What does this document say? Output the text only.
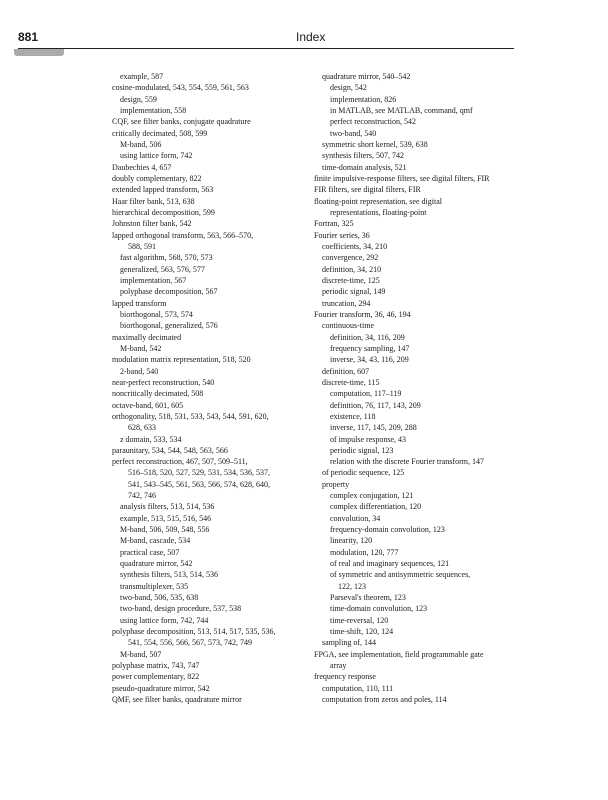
881	Index
example, 587
cosine-modulated, 543, 554, 559, 561, 563
design, 559
implementation, 558
CQF, see filter banks, conjugate quadrature
critically decimated, 508, 599
M-band, 506
using lattice form, 742
Daubechies 4, 657
doubly complementary, 822
extended lapped transform, 563
Haar filter bank, 513, 638
hierarchical decomposition, 599
Johnston filter bank, 542
lapped orthogonal transform, 563, 566–570,
588, 591
fast algorithm, 568, 570, 573
generalized, 563, 576, 577
implementation, 567
polyphase decomposition, 567
lapped transform
biorthogonal, 573, 574
biorthogonal, generalized, 576
maximally decimated
M-band, 542
modulation matrix representation, 518, 520
2-band, 540
near-perfect reconstruction, 540
noncritically decimated, 508
octave-band, 601, 605
orthogonality, 518, 531, 533, 543, 544, 591, 620,
628, 633
z domain, 533, 534
paraunitary, 534, 544, 548, 563, 566
perfect reconstruction, 467, 507, 509–511,
516–518, 520, 527, 529, 531, 534, 536, 537,
541, 543–545, 561, 563, 566, 574, 628, 640,
742, 746
analysis filters, 513, 514, 536
example, 513, 515, 516, 546
M-band, 506, 509, 548, 556
M-band, cascade, 534
practical case, 507
quadrature mirror, 542
synthesis filters, 513, 514, 536
transmultiplexer, 535
two-band, 506, 535, 638
two-band, design procedure, 537, 538
using lattice form, 742, 744
polyphase decomposition, 513, 514, 517, 535, 536,
541, 554, 556, 566, 567, 573, 742, 749
M-band, 507
polyphase matrix, 743, 747
power complementary, 822
pseudo-quadrature mirror, 542
QMF, see filter banks, quadrature mirror
quadrature mirror, 540–542
design, 542
implementation, 826
in MATLAB, see MATLAB, command, qmf
perfect reconstruction, 542
two-band, 540
symmetric short kernel, 539, 638
synthesis filters, 507, 742
time-domain analysis, 521
finite impulsive-response filters, see digital filters, FIR
FIR filters, see digital filters, FIR
floating-point representation, see digital
representations, floating-point
Fortran, 325
Fourier series, 36
coefficients, 34, 210
convergence, 292
definition, 34, 210
discrete-time, 125
periodic signal, 149
truncation, 294
Fourier transform, 36, 46, 194
continuous-time
definition, 34, 116, 209
frequency sampling, 147
inverse, 34, 43, 116, 209
definition, 607
discrete-time, 115
computation, 117–119
definition, 76, 117, 143, 209
existence, 118
inverse, 117, 145, 209, 288
of impulse response, 43
periodic signal, 123
relation with the discrete Fourier transform, 147
of periodic sequence, 125
property
complex conjugation, 121
complex differentiation, 120
convolution, 34
frequency-domain convolution, 123
linearity, 120
modulation, 120, 777
of real and imaginary sequences, 121
of symmetric and antisymmetric sequences,
122, 123
Parseval's theorem, 123
time-domain convolution, 123
time-reversal, 120
time-shift, 120, 124
sampling of, 144
FPGA, see implementation, field programmable gate
array
frequency response
computation, 110, 111
computation from zeros and poles, 114
